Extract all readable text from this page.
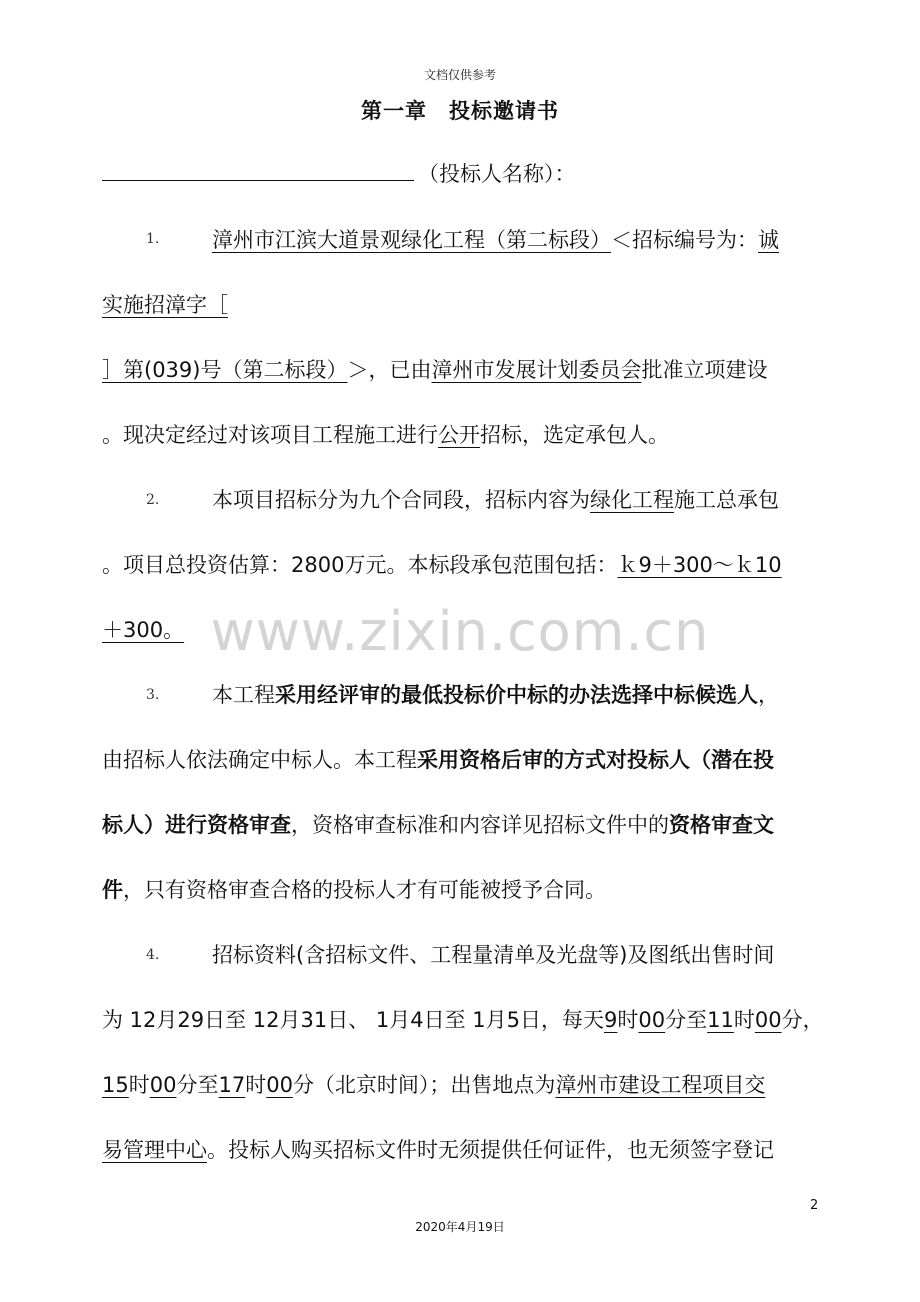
文档仅供参考
第一章　投标邀请书
（投标人名称）：
1.	漳州市江滨大道景观绿化工程（第二标段）＜招标编号为：诚
实施招漳字［
］第(039)号（第二标段）＞，已由漳州市发展计划委员会批准立项建设
。现决定经过对该项目工程施工进行公开招标，选定承包人。
2.	本项目招标分为九个合同段，招标内容为绿化工程施工总承包
。项目总投资估算：2800万元。本标段承包范围包括：ｋ9＋300～ｋ10
＋300。
3.	本工程采用经评审的最低投标价中标的办法选择中标候选人，
由招标人依法确定中标人。本工程采用资格后审的方式对投标人（潜在投
标人）进行资格审查，资格审查标准和内容详见招标文件中的资格审查文
件，只有资格审查合格的投标人才有可能被授予合同。
4.	招标资料(含招标文件、工程量清单及光盘等)及图纸出售时间
为 12月29日至 12月31日、 1月4日至 1月5日，每天9时00分至11时00分，
15时00分至17时00分（北京时间）；出售地点为漳州市建设工程项目交
易管理中心。投标人购买招标文件时无须提供任何证件，也无须签字登记
www.zixin.com.cn
2
2020年4月19日
